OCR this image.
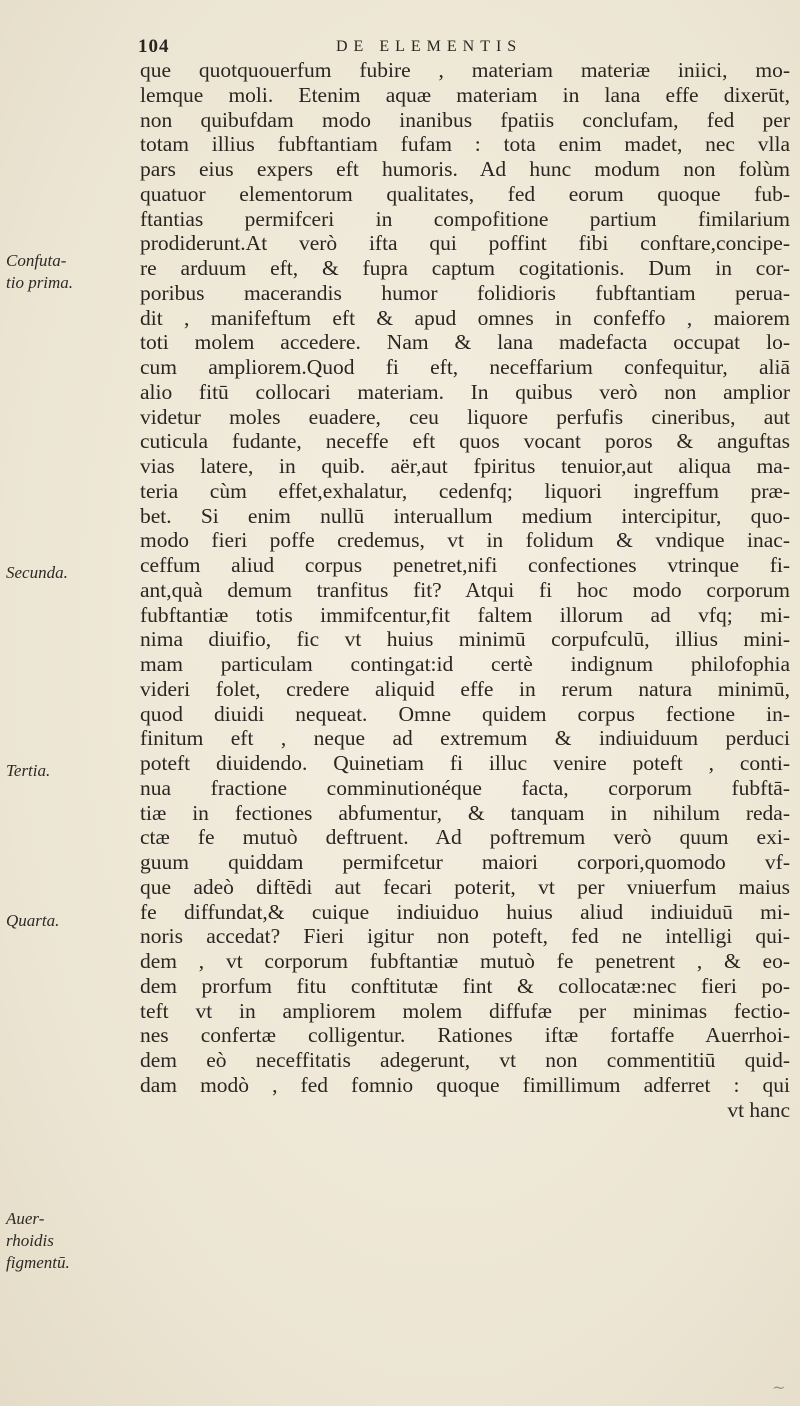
104	DE ELEMENTIS
que quotquouerfum fubire , materiam materiæ iniici, mo-
lemque moli. Etenim aquæ materiam in lana effe dixerūt,
non quibufdam modo inanibus fpatiis conclufam, fed per
totam illius fubftantiam fufam : tota enim madet, nec vlla
pars eius expers eft humoris. Ad hunc modum non folùm
quatuor elementorum qualitates, fed eorum quoque fub-
ftantias permifceri in compofitione partium fimilarium
prodiderunt.At verò ifta qui poffint fibi conftare,concipe-
re arduum eft, & fupra captum cogitationis. Dum in cor-
poribus macerandis humor folidioris fubftantiam perua-
dit , manifeftum eft & apud omnes in confeffo , maiorem
toti molem accedere. Nam & lana madefacta occupat lo-
cum ampliorem.Quod fi eft, neceffarium confequitur, aliā
alio fitū collocari materiam. In quibus verò non amplior
videtur moles euadere, ceu liquore perfufis cineribus, aut
cuticula fudante, neceffe eft quos vocant poros & anguftas
vias latere, in quib. aër,aut fpiritus tenuior,aut aliqua ma-
teria cùm effet,exhalatur, cedenfq; liquori ingreffum præ-
bet. Si enim nullū interuallum medium intercipitur, quo-
modo fieri poffe credemus, vt in folidum & vndique inac-
ceffum aliud corpus penetret,nifi confectiones vtrinque fi-
ant,quà demum tranfitus fit? Atqui fi hoc modo corporum
fubftantiæ totis immifcentur,fit faltem illorum ad vfq; mi-
nima diuifio, fic vt huius minimū corpufculū, illius mini-
mam particulam contingat:id certè indignum philofophia
videri folet, credere aliquid effe in rerum natura minimū,
quod diuidi nequeat. Omne quidem corpus fectione in-
finitum eft , neque ad extremum & indiuiduum perduci
poteft diuidendo. Quinetiam fi illuc venire poteft , conti-
nua fractione comminutionéque facta, corporum fubftā-
tiæ in fectiones abfumentur, & tanquam in nihilum reda-
ctæ fe mutuò deftruent. Ad poftremum verò quum exi-
guum quiddam permifcetur maiori corpori,quomodo vf-
que adeò diftēdi aut fecari poterit, vt per vniuerfum maius
fe diffundat,& cuique indiuiduo huius aliud indiuiduū mi-
noris accedat? Fieri igitur non poteft, fed ne intelligi qui-
dem , vt corporum fubftantiæ mutuò fe penetrent , & eo-
dem prorfum fitu conftitutæ fint & collocatæ:nec fieri po-
teft vt in ampliorem molem diffufæ per minimas fectio-
nes confertæ colligentur. Rationes iftæ fortaffe Auerrhoi-
dem eò neceffitatis adegerunt, vt non commentitiū quid-
dam modò , fed fomnio quoque fimillimum adferret : qui
vt hanc
Confuta-
tio prima.
Secunda.
Tertia.
Quarta.
Auer-
rhoidis
figmentū.
~
